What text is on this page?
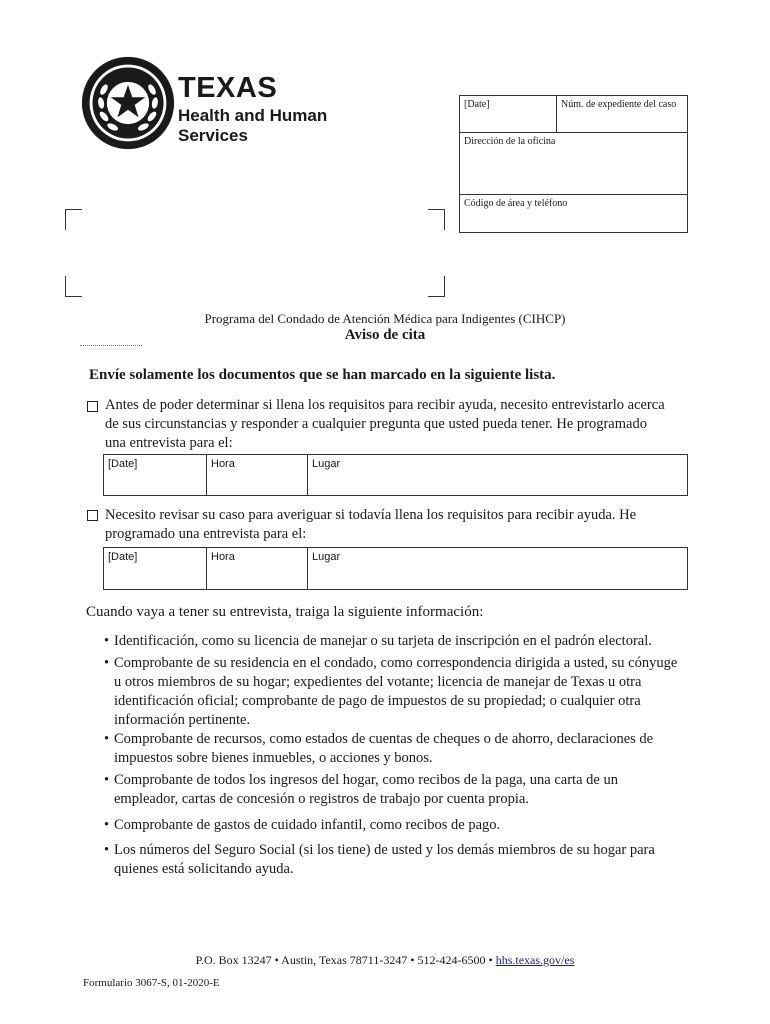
TEXAS
Health and Human
Services
[Date]	Núm. de expediente del caso
Dirección de la oficina
Código de área y teléfono
Programa del Condado de Atención Médica para Indigentes (CIHCP)
Aviso de cita
Envíe solamente los documentos que se han marcado en la siguiente lista.
Antes de poder determinar si llena los requisitos para recibir ayuda, necesito entrevistarlo acerca de sus circunstancias y responder a cualquier pregunta que usted pueda tener. He programado una entrevista para el:
[Date]	Hora	Lugar
Necesito revisar su caso para averiguar si todavía llena los requisitos para recibir ayuda. He programado una entrevista para el:
[Date]	Hora	Lugar
Cuando vaya a tener su entrevista, traiga la siguiente información:
• Identificación, como su licencia de manejar o su tarjeta de inscripción en el padrón electoral.
• Comprobante de su residencia en el condado, como correspondencia dirigida a usted, su cónyuge u otros miembros de su hogar; expedientes del votante; licencia de manejar de Texas u otra identificación oficial; comprobante de pago de impuestos de su propiedad; o cualquier otra información pertinente.
• Comprobante de recursos, como estados de cuentas de cheques o de ahorro, declaraciones de impuestos sobre bienes inmuebles, o acciones y bonos.
• Comprobante de todos los ingresos del hogar, como recibos de la paga, una carta de un empleador, cartas de concesión o registros de trabajo por cuenta propia.
• Comprobante de gastos de cuidado infantil, como recibos de pago.
• Los números del Seguro Social (si los tiene) de usted y los demás miembros de su hogar para quienes está solicitando ayuda.
P.O. Box 13247 • Austin, Texas 78711-3247 • 512-424-6500 • hhs.texas.gov/es
Formulario 3067-S, 01-2020-E
